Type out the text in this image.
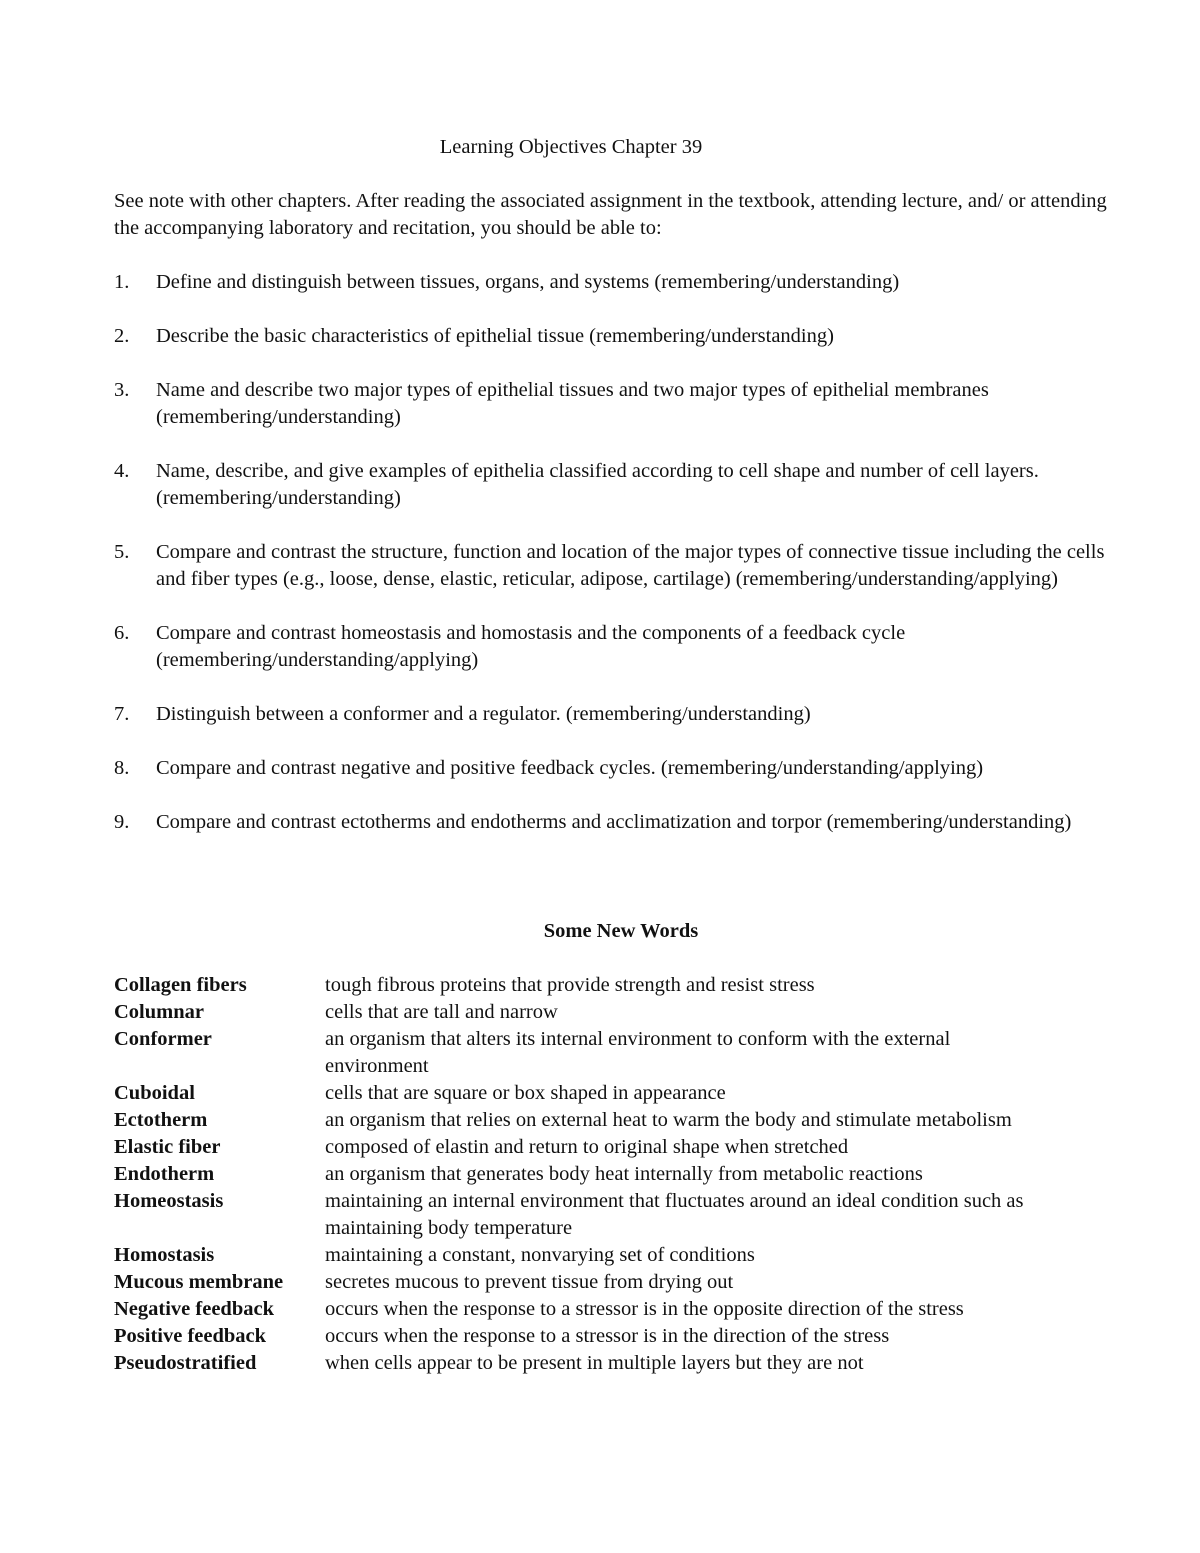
Learning Objectives Chapter 39

See note with other chapters. After reading the associated assignment in the textbook, attending lecture, and/ or attending the accompanying laboratory and recitation, you should be able to:

1. Define and distinguish between tissues, organs, and systems (remembering/understanding)
2. Describe the basic characteristics of epithelial tissue (remembering/understanding)
3. Name and describe two major types of epithelial tissues and two major types of epithelial membranes (remembering/understanding)
4. Name, describe, and give examples of epithelia classified according to cell shape and number of cell layers. (remembering/understanding)
5. Compare and contrast the structure, function and location of the major types of connective tissue including the cells and fiber types (e.g., loose, dense, elastic, reticular, adipose, cartilage) (remembering/understanding/applying)
6. Compare and contrast homeostasis and homostasis and the components of a feedback cycle (remembering/understanding/applying)
7. Distinguish between a conformer and a regulator. (remembering/understanding)
8. Compare and contrast negative and positive feedback cycles. (remembering/understanding/applying)
9. Compare and contrast ectotherms and endotherms and acclimatization and torpor (remembering/understanding)
Some New Words
Collagen fibers	tough fibrous proteins that provide strength and resist stress
Columnar	cells that are tall and narrow
Conformer	an organism that alters its internal environment to conform with the external environment
Cuboidal	cells that are square or box shaped in appearance
Ectotherm	an organism that relies on external heat to warm the body and stimulate metabolism
Elastic fiber	composed of elastin and return to original shape when stretched
Endotherm	an organism that generates body heat internally from metabolic reactions
Homeostasis	maintaining an internal environment that fluctuates around an ideal condition such as maintaining body temperature
Homostasis	maintaining a constant, nonvarying set of conditions
Mucous membrane	secretes mucous to prevent tissue from drying out
Negative feedback	occurs when the response to a stressor is in the opposite direction of the stress
Positive feedback	occurs when the response to a stressor is in the direction of the stress
Pseudostratified	when cells appear to be present in multiple layers but they are not
